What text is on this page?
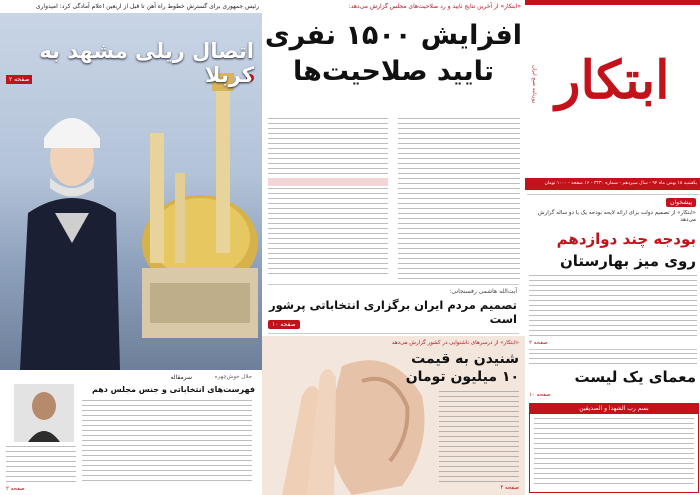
رئیس جمهوری برای گسترش خطوط راه آهن تا قبل از اربعین اعلام آمادگی کرد: امیدواری
اتصال ریلی مشهد به کربلا
صفحه ۲
سرمقاله	جلال خوش‌چهره
فهرست‌های انتخاباتی و جنس مجلس دهم
صفحه ۲
«ابتکار» از آخرین نتایج تایید و رد صلاحیت‌های مجلس گزارش می‌دهد:
افزایش ۱۵۰۰ نفری
تایید صلاحیت‌ها
آیت‌الله هاشمی رفسنجانی:
تصمیم مردم ایران برگزاری انتخاباتی پرشور است
صفحه ۱۰
«ابتکار» از درسرهای ناشنوایی در کشور گزارش می‌دهد
شنیدن به قیمت
۱۰ میلیون تومان
صفحه ۴
ابتکار
روزنامه صبح ایران
یکشنبه ۱۸ بهمن ماه ۹۴ - سال سیزدهم - شماره ۳۲۳۰ - ۱۶ صفحه - ۱۰۰۰ تومان
پیشخوان
«ابتکار» از تصمیم دولت برای ارائه لایحه بودجه یک یا دو ساله گزارش می‌دهد
بودجه چند دوازدهم
روی میز بهارستان
صفحه ۲
معمای یک لیست
صفحه ۱۰
بسم رب الشهدا و الصدیقین
